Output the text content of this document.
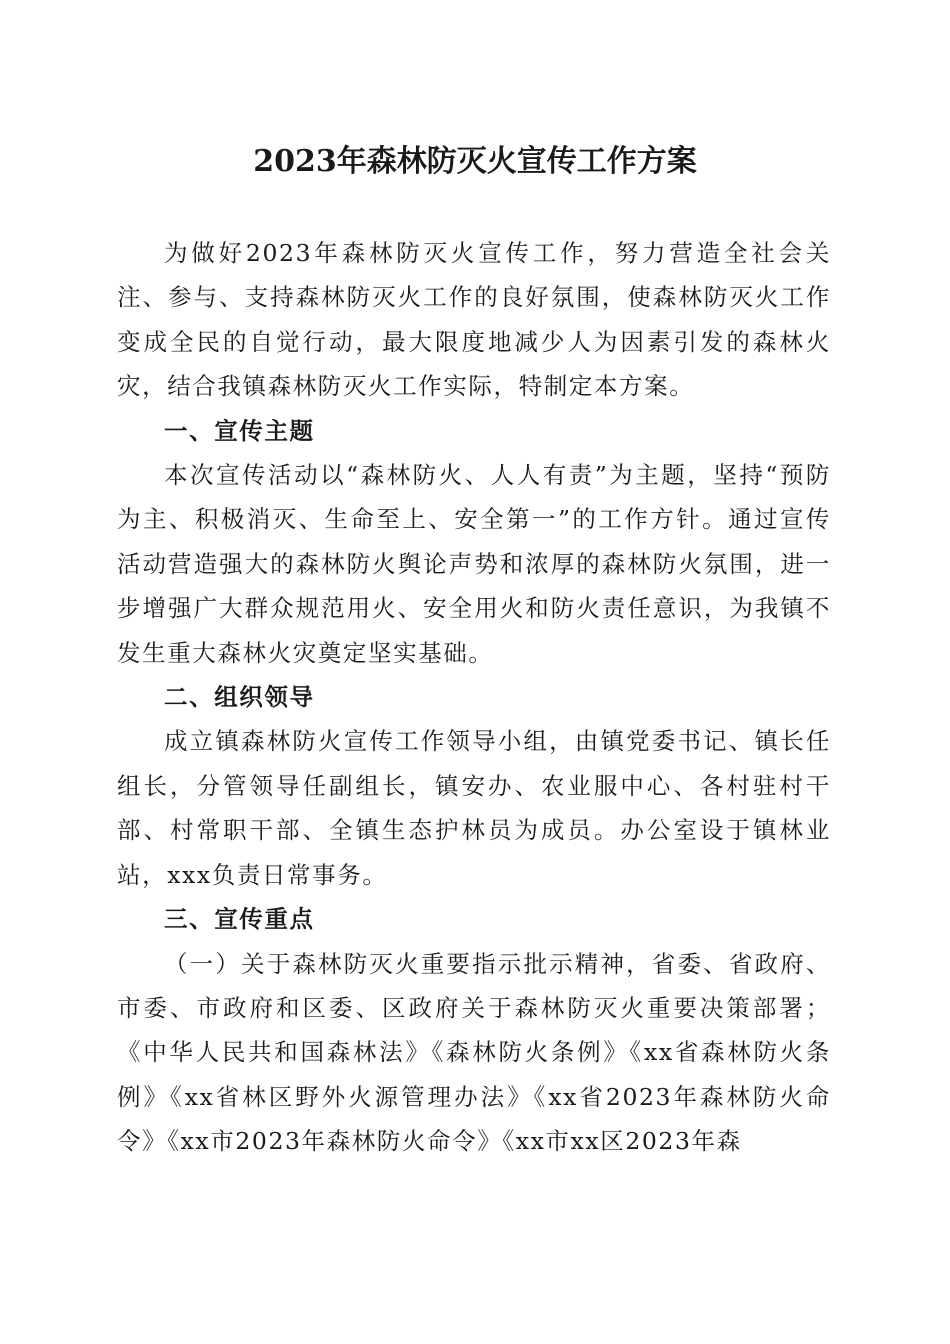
2023年森林防灭火宣传工作方案

为做好2023年森林防灭火宣传工作，努力营造全社会关注、参与、支持森林防灭火工作的良好氛围，使森林防灭火工作变成全民的自觉行动，最大限度地减少人为因素引发的森林火灾，结合我镇森林防灭火工作实际，特制定本方案。

一、宣传主题

本次宣传活动以“森林防火、人人有责”为主题，坚持“预防为主、积极消灭、生命至上、安全第一”的工作方针。通过宣传活动营造强大的森林防火舆论声势和浓厚的森林防火氛围，进一步增强广大群众规范用火、安全用火和防火责任意识，为我镇不发生重大森林火灾奠定坚实基础。

二、组织领导

成立镇森林防火宣传工作领导小组，由镇党委书记、镇长任组长，分管领导任副组长，镇安办、农业服中心、各村驻村干部、村常职干部、全镇生态护林员为成员。办公室设于镇林业站，xxx负责日常事务。

三、宣传重点

（一）关于森林防灭火重要指示批示精神，省委、省政府、市委、市政府和区委、区政府关于森林防灭火重要决策部署；《中华人民共和国森林法》《森林防火条例》《xx省森林防火条例》《xx省林区野外火源管理办法》《xx省2023年森林防火命令》《xx市2023年森林防火命令》《xx市xx区2023年森
